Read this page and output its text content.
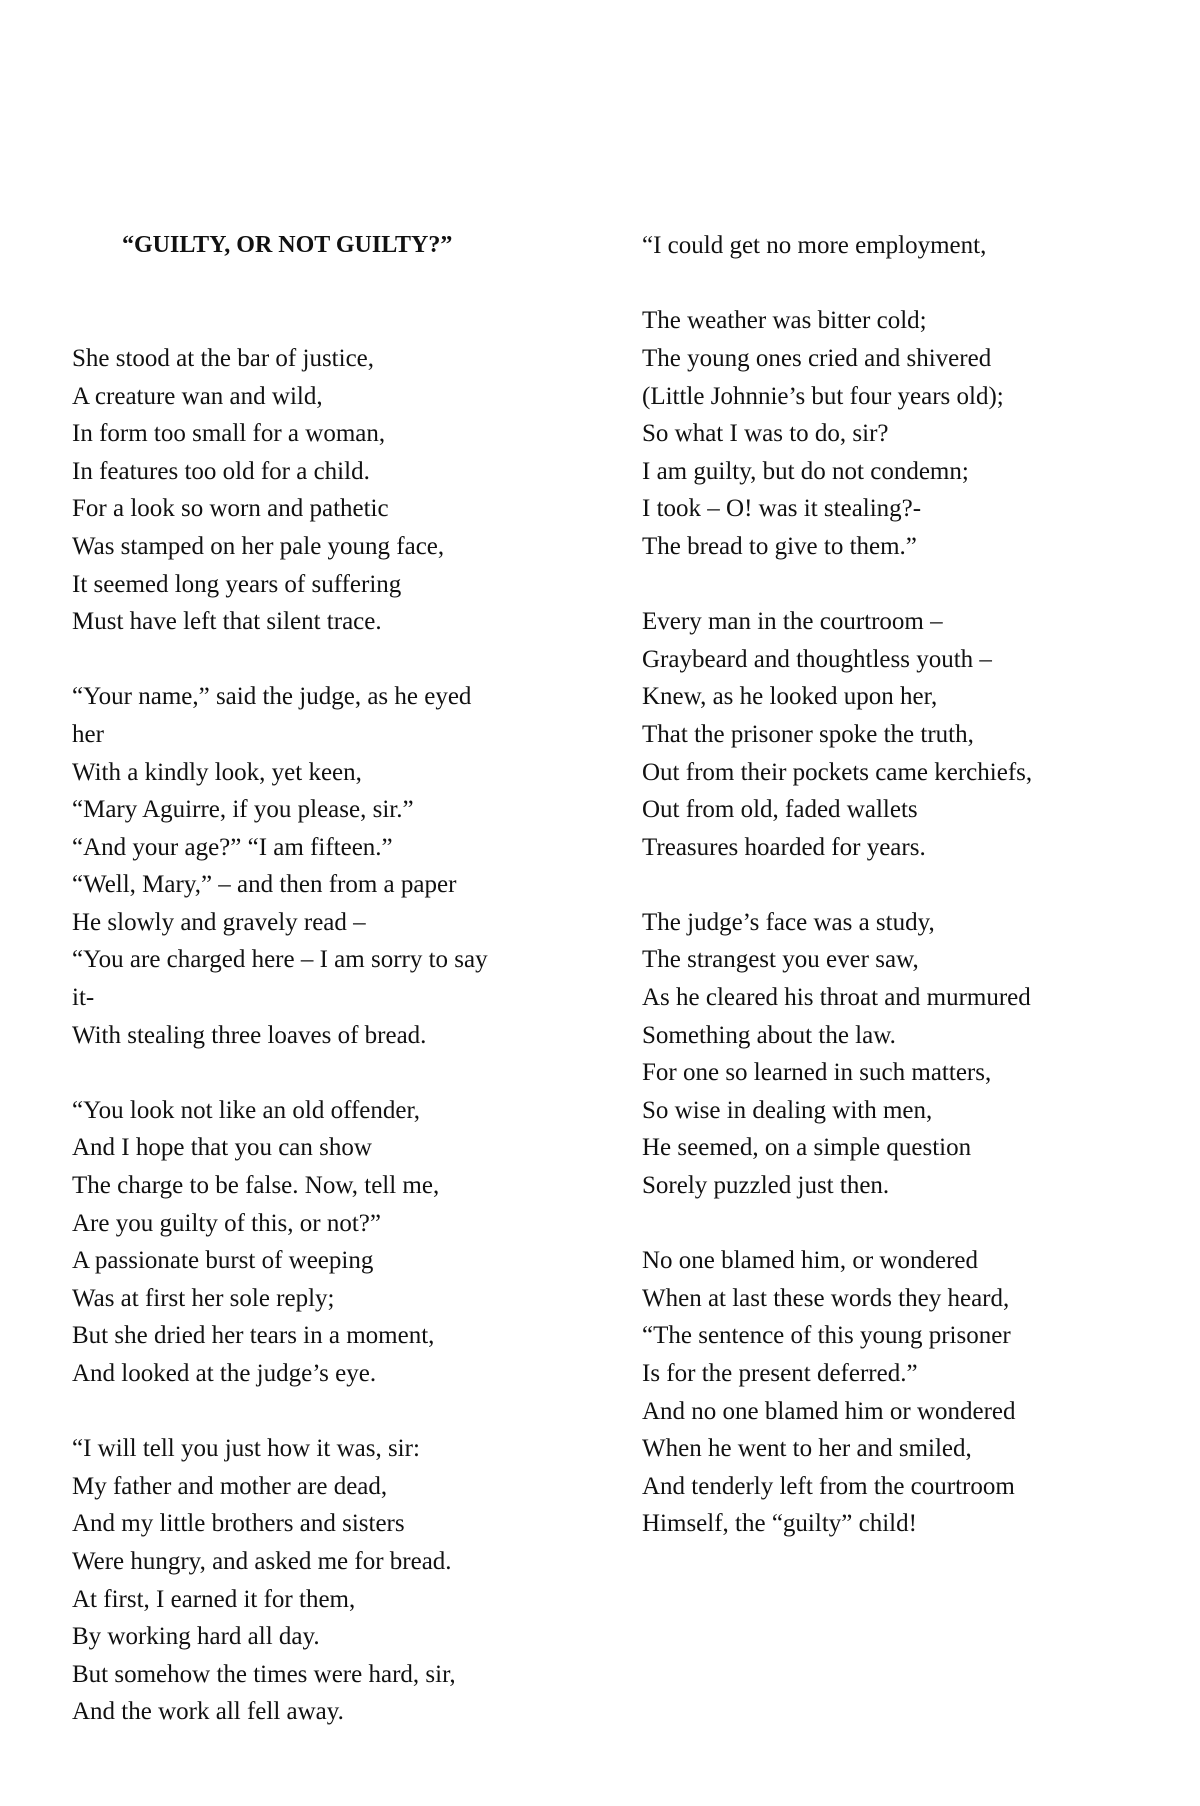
“GUILTY, OR NOT GUILTY?”

She stood at the bar of justice,
A creature wan and wild,
In form too small for a woman,
In features too old for a child.
For a look so worn and pathetic
Was stamped on her pale young face,
It seemed long years of suffering
Must have left that silent trace.
“Your name,” said the judge, as he eyed
her
With a kindly look, yet keen,
“Mary Aguirre, if you please, sir.”
“And your age?” “I am fifteen.”
“Well, Mary,” – and then from a paper
He slowly and gravely read –
“You are charged here – I am sorry to say
it-
With stealing three loaves of bread.
“You look not like an old offender,
And I hope that you can show
The charge to be false. Now, tell me,
Are you guilty of this, or not?”
A passionate burst of weeping
Was at first her sole reply;
But she dried her tears in a moment,
And looked at the judge’s eye.
“I will tell you just how it was, sir:
My father and mother are dead,
And my little brothers and sisters
Were hungry, and asked me for bread.
At first, I earned it for them,
By working hard all day.
But somehow the times were hard, sir,
And the work all fell away.

“I could get no more employment,
The weather was bitter cold;
The young ones cried and shivered
(Little Johnnie’s but four years old);
So what I was to do, sir?
I am guilty, but do not condemn;
I took – O! was it stealing?-
The bread to give to them.”
Every man in the courtroom –
Graybeard and thoughtless youth –
Knew, as he looked upon her,
That the prisoner spoke the truth,
Out from their pockets came kerchiefs,
Out from old, faded wallets
Treasures hoarded for years.
The judge’s face was a study,
The strangest you ever saw,
As he cleared his throat and murmured
Something about the law.
For one so learned in such matters,
So wise in dealing with men,
He seemed, on a simple question
Sorely puzzled just then.
No one blamed him, or wondered
When at last these words they heard,
“The sentence of this young prisoner
Is for the present deferred.”
And no one blamed him or wondered
When he went to her and smiled,
And tenderly left from the courtroom
Himself, the “guilty” child!
